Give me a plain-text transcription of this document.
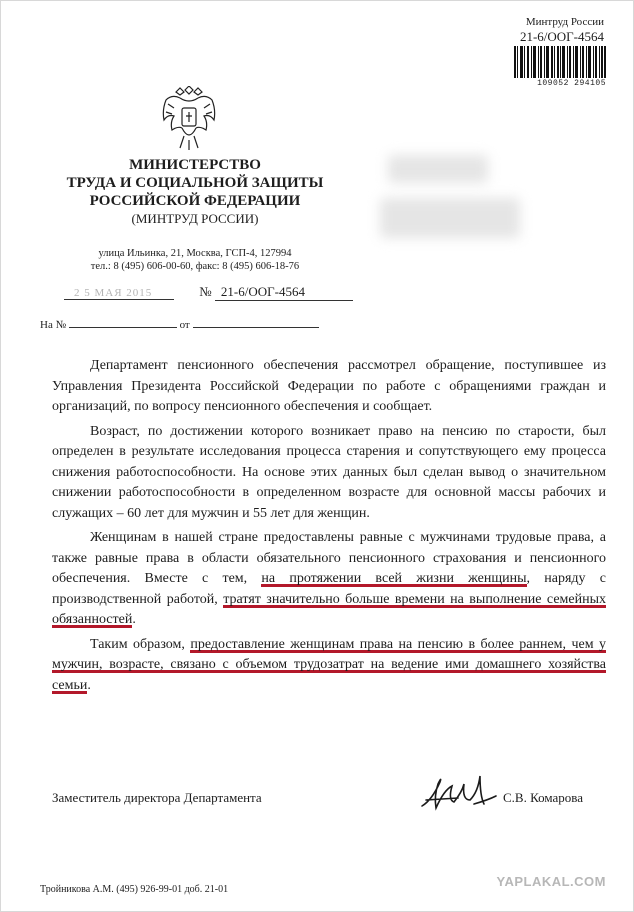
Минтруд России
21-6/ООГ-4564
109052 294105
МИНИСТЕРСТВО
ТРУДА И СОЦИАЛЬНОЙ ЗАЩИТЫ
РОССИЙСКОЙ ФЕДЕРАЦИИ
(МИНТРУД РОССИИ)
улица Ильинка, 21, Москва, ГСП-4, 127994
тел.: 8 (495) 606-00-60, факс: 8 (495) 606-18-76
2 5 МАЯ 2015	№ 21-6/ООГ-4564
На №	от

Департамент пенсионного обеспечения рассмотрел обращение, поступившее из Управления Президента Российской Федерации по работе с обращениями граждан и организаций, по вопросу пенсионного обеспечения и сообщает.

Возраст, по достижении которого возникает право на пенсию по старости, был определен в результате исследования процесса старения и сопутствующего ему процесса снижения работоспособности. На основе этих данных был сделан вывод о значительном снижении работоспособности в определенном возрасте для основной массы рабочих и служащих – 60 лет для мужчин и 55 лет для женщин.

Женщинам в нашей стране предоставлены равные с мужчинами трудовые права, а также равные права в области обязательного пенсионного страхования и пенсионного обеспечения. Вместе с тем, на протяжении всей жизни женщины, наряду с производственной работой, тратят значительно больше времени на выполнение семейных обязанностей.

Таким образом, предоставление женщинам права на пенсию в более раннем, чем у мужчин, возрасте, связано с объемом трудозатрат на ведение ими домашнего хозяйства семьи.

Заместитель директора Департамента	С.В. Комарова
Тройникова А.М. (495) 926-99-01 доб. 21-01
YAPLAKAL.COM
